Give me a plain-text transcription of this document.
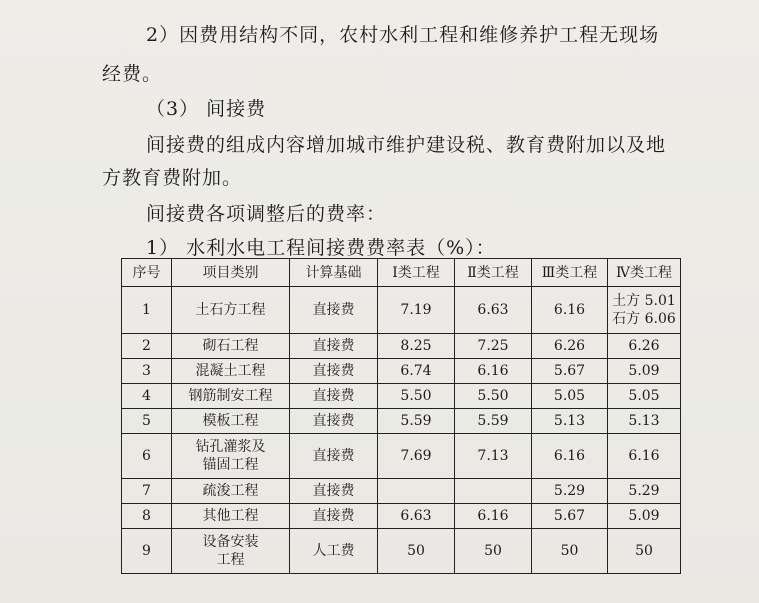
2）因费用结构不同，农村水利工程和维修养护工程无现场
经费。
（3） 间接费
间接费的组成内容增加城市维护建设税、教育费附加以及地
方教育费附加。
间接费各项调整后的费率：
1） 水利水电工程间接费费率表（%）：
序号	项目类别	计算基础	Ⅰ类工程	Ⅱ类工程	Ⅲ类工程	Ⅳ类工程
1	土石方工程	直接费	7.19	6.63	6.16	土方 5.01
石方 6.06

2	砌石工程	直接费	8.25	7.25	6.26	6.26
3	混凝土工程	直接费	6.74	6.16	5.67	5.09
4	钢筋制安工程	直接费	5.50	5.50	5.05	5.05
5	模板工程	直接费	5.59	5.59	5.13	5.13
6	钻孔灌浆及
锚固工程	直接费	7.69	7.13	6.16	6.16
7	疏浚工程	直接费			5.29	5.29
8	其他工程	直接费	6.63	6.16	5.67	5.09
9	设备安装
工程	人工费	50	50	50	50
